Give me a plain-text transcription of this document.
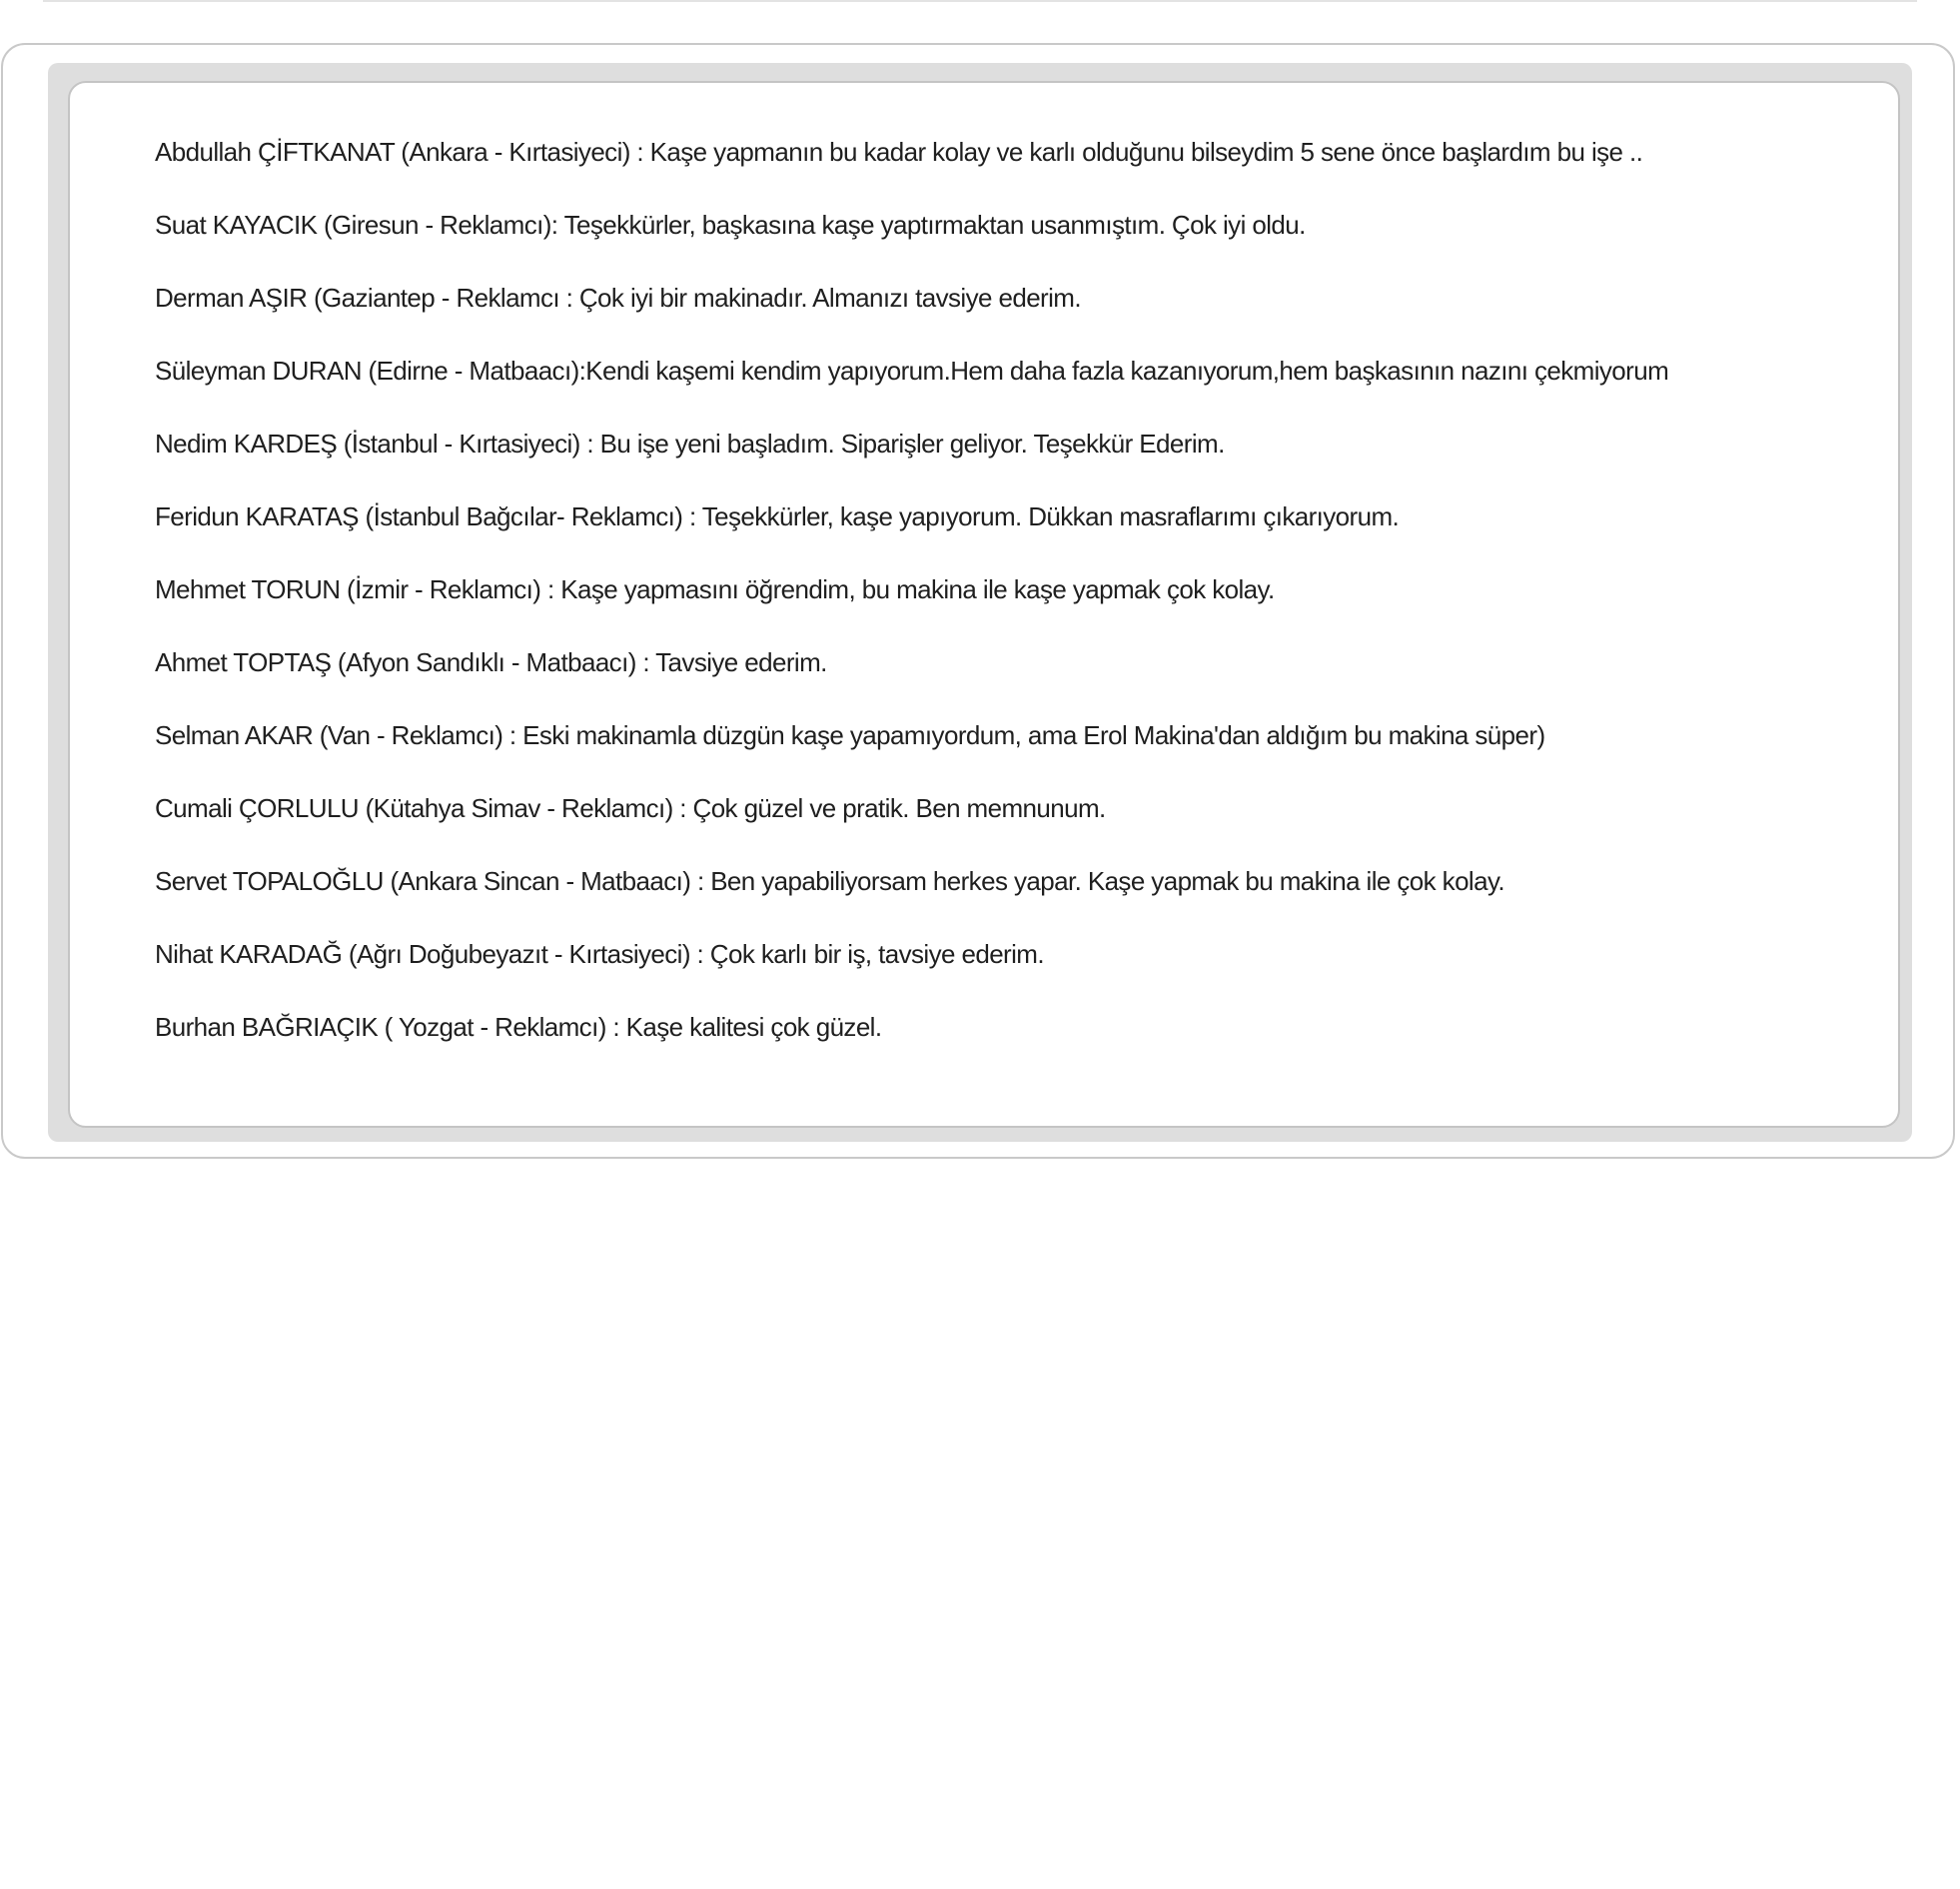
Abdullah ÇİFTKANAT (Ankara - Kırtasiyeci) : Kaşe yapmanın bu kadar kolay ve karlı olduğunu bilseydim 5 sene önce başlardım bu işe ..
Suat KAYACIK (Giresun - Reklamcı): Teşekkürler, başkasına kaşe yaptırmaktan usanmıştım. Çok iyi oldu.
Derman AŞIR (Gaziantep - Reklamcı : Çok iyi bir makinadır. Almanızı tavsiye ederim.
Süleyman DURAN (Edirne - Matbaacı):Kendi kaşemi kendim yapıyorum.Hem daha fazla kazanıyorum,hem başkasının nazını çekmiyorum
Nedim KARDEŞ (İstanbul - Kırtasiyeci) : Bu işe yeni başladım. Siparişler geliyor. Teşekkür Ederim.
Feridun KARATAŞ (İstanbul Bağcılar- Reklamcı) : Teşekkürler, kaşe yapıyorum. Dükkan masraflarımı çıkarıyorum.
Mehmet TORUN (İzmir - Reklamcı) : Kaşe yapmasını öğrendim, bu makina ile kaşe yapmak çok kolay.
Ahmet TOPTAŞ (Afyon Sandıklı - Matbaacı) : Tavsiye ederim.
Selman AKAR (Van - Reklamcı) : Eski makinamla düzgün kaşe yapamıyordum, ama Erol Makina'dan aldığım bu makina süper)
Cumali ÇORLULU (Kütahya Simav - Reklamcı) : Çok güzel ve pratik. Ben memnunum.
Servet TOPALOĞLU (Ankara Sincan - Matbaacı) : Ben yapabiliyorsam herkes yapar. Kaşe yapmak bu makina ile çok kolay.
Nihat KARADAĞ (Ağrı Doğubeyazıt - Kırtasiyeci) : Çok karlı bir iş, tavsiye ederim.
Burhan BAĞRIAÇIK ( Yozgat - Reklamcı) : Kaşe kalitesi çok güzel.
